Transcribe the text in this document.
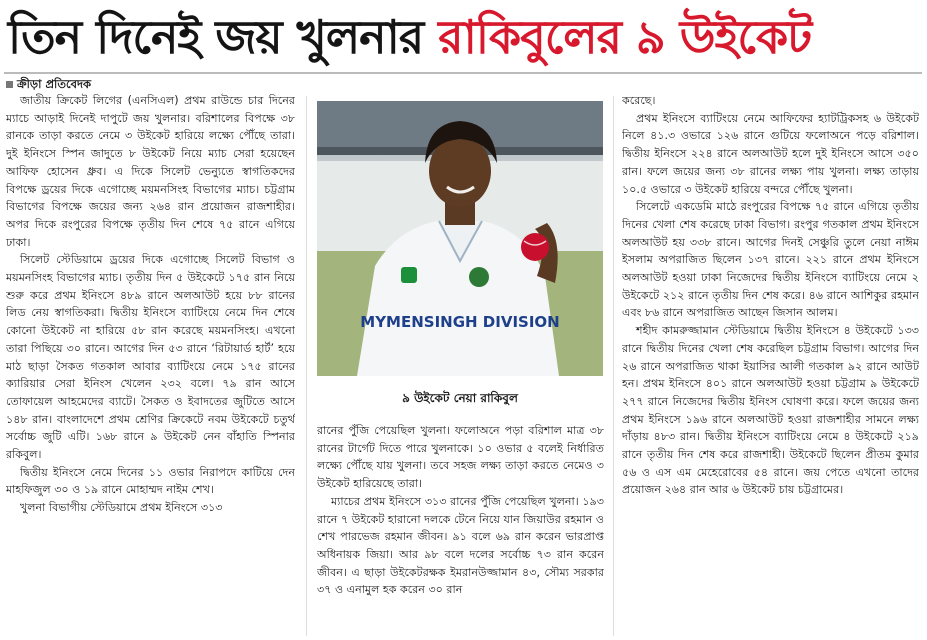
তিন দিনেই জয় খুলনার রাকিবুলের ৯ উইকেট
ক্রীড়া প্রতিবেদক

জাতীয় ক্রিকেট লিগের (এনসিএল) প্রথম রাউন্ডে চার দিনের ম্যাচে আড়াই দিনেই দাপুটে জয় খুলনার। বরিশালের বিপক্ষে ৩৮ রানকে তাড়া করতে নেমে ৩ উইকেট হারিয়ে লক্ষ্যে পৌঁছে তারা। দুই ইনিংসে স্পিন জাদুতে ৮ উইকেট নিয়ে ম্যাচ সেরা হয়েছেন আফিফ হোসেন ধ্রুব। এ দিকে সিলেট ভেন্যুতে স্বাগতিকদের বিপক্ষে ড্রয়ের দিকে এগোচ্ছে ময়মনসিংহ বিভাগের ম্যাচ। চট্টগ্রাম বিভাগের বিপক্ষে জয়ের জন্য ২৬৪ রান প্রয়োজন রাজশাহীর। অপর দিকে রংপুরের বিপক্ষে তৃতীয় দিন শেষে ৭৫ রানে এগিয়ে ঢাকা।

সিলেট স্টেডিয়ামে ড্রয়ের দিকে এগোচ্ছে সিলেট বিভাগ ও ময়মনসিংহ বিভাগের ম্যাচ। তৃতীয় দিন ৫ উইকেটে ১৭৫ রান নিয়ে শুরু করে প্রথম ইনিংসে ৪৮৯ রানে অলআউট হয়ে ৮৮ রানের লিড নেয় স্বাগতিকরা। দ্বিতীয় ইনিংসে ব্যাটিংয়ে নেমে দিন শেষে কোনো উইকেট না হারিয়ে ৫৮ রান করেছে ময়মনসিংহ। এখনো তারা পিছিয়ে ৩০ রানে। আগের দিন ৫৩ রানে ‘রিটায়ার্ড হার্ট’ হয়ে মাঠ ছাড়া সৈকত গতকাল আবার ব্যাটিংয়ে নেমে ১৭৫ রানের ক্যারিয়ার সেরা ইনিংস খেলেন ২৩২ বলে। ৭৯ রান আসে তোফায়েল আহমেদের ব্যাটে। সৈকত ও ইবাদতের জুটিতে আসে ১৪৮ রান। বাংলাদেশে প্রথম শ্রেণির ক্রিকেটে নবম উইকেটে চতুর্থ সর্বোচ্চ জুটি এটি। ১৬৮ রানে ৯ উইকেট নেন বাঁহাতি স্পিনার রকিবুল।

দ্বিতীয় ইনিংসে নেমে দিনের ১১ ওভার নিরাপদে কাটিয়ে দেন মাহফিজুল ৩০ ও ১৯ রানে মোহাম্মদ নাইম শেখ।

খুলনা বিভাগীয় স্টেডিয়ামে প্রথম ইনিংসে ৩১৩

MYMENSINGH DIVISION
৯ উইকেট নেয়া রাকিবুল

রানের পুঁজি পেয়েছিল খুলনা। ফলোঅনে পড়া বরিশাল মাত্র ৩৮ রানের টার্গেট দিতে পারে খুলনাকে। ১০ ওভার ৫ বলেই নির্ধারিত লক্ষ্যে পৌঁছে যায় খুলনা। তবে সহজ লক্ষ্য তাড়া করতে নেমেও ৩ উইকেট হারিয়েছে তারা।

ম্যাচের প্রথম ইনিংসে ৩১৩ রানের পুঁজি পেয়েছিল খুলনা। ১৯৩ রানে ৭ উইকেট হারানো দলকে টেনে নিয়ে যান জিয়াউর রহমান ও শেখ পারভেজ রহমান জীবন। ৯১ বলে ৬৯ রান করেন ভারপ্রাপ্ত অধিনায়ক জিয়া। আর ৯৮ বলে দলের সর্বোচ্চ ৭৩ রান করেন জীবন। এ ছাড়া উইকেটরক্ষক ইমরানউজ্জামান ৪৩, সৌম্য সরকার ৩৭ ও এনামুল হক করেন ৩০ রান

করেছে।

প্রথম ইনিংসে ব্যাটিংয়ে নেমে আফিফের হ্যাটট্রিকসহ ৬ উইকেট নিলে ৪১.৩ ওভারে ১২৬ রানে গুটিয়ে ফলোঅনে পড়ে বরিশাল। দ্বিতীয় ইনিংসে ২২৪ রানে অলআউট হলে দুই ইনিংসে আসে ৩৫০ রান। ফলে জয়ের জন্য ৩৮ রানের লক্ষ্য পায় খুলনা। লক্ষ্য তাড়ায় ১০.৫ ওভারে ৩ উইকেট হারিয়ে বন্দরে পৌঁছে খুলনা।

সিলেটে একডেমি মাঠে রংপুরের বিপক্ষে ৭৫ রানে এগিয়ে তৃতীয় দিনের খেলা শেষ করেছে ঢাকা বিভাগ। রংপুর গতকাল প্রথম ইনিংসে অলআউট হয় ৩৩৮ রানে। আগের দিনই সেঞ্চুরি তুলে নেয়া নাঈম ইসলাম অপরাজিত ছিলেন ১৩৭ রানে। ২২১ রানে প্রথম ইনিংসে অলআউট হওয়া ঢাকা নিজেদের দ্বিতীয় ইনিংসে ব্যাটিংয়ে নেমে ২ উইকেটে ২১২ রানে তৃতীয় দিন শেষ করে। ৪৬ রানে আশিকুর রহমান এবং ৮৬ রানে অপরাজিত আছেন জিসান আলম।

শহীদ কামরুজ্জামান স্টেডিয়ামে দ্বিতীয় ইনিংসে ৪ উইকেটে ১৩৩ রানে দ্বিতীয় দিনের খেলা শেষ করেছিল চট্টগ্রাম বিভাগ। আগের দিন ২৬ রানে অপরাজিত থাকা ইয়াসির আলী গতকাল ৯২ রানে আউট হন। প্রথম ইনিংসে ৪০১ রানে অলআউট হওয়া চট্টগ্রাম ৯ উইকেটে ২৭৭ রানে নিজেদের দ্বিতীয় ইনিংস ঘোষণা করে। ফলে জয়ের জন্য প্রথম ইনিংসে ১৯৬ রানে অলআউট হওয়া রাজশাহীর সামনে লক্ষ্য দাঁড়ায় ৪৮৩ রান। দ্বিতীয় ইনিংসে ব্যাটিংয়ে নেমে ৪ উইকেটে ২১৯ রানে তৃতীয় দিন শেষ করে রাজশাহী। উইকেটে ছিলেন প্রীতম কুমার ৫৬ ও এস এম মেহেরোবের ৫৪ রানে। জয় পেতে এখনো তাদের প্রয়োজন ২৬৪ রান আর ৬ উইকেট চায় চট্টগ্রামের।
